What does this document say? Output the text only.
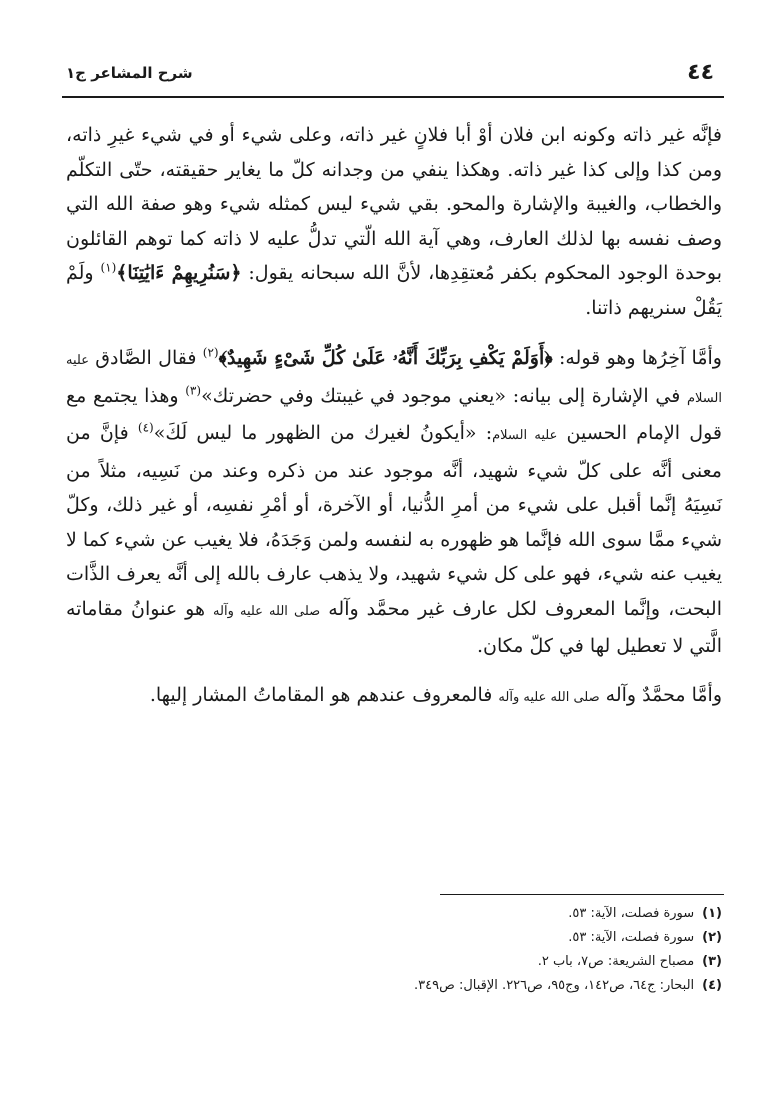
٤٤
شرح المشاعر ج١

فإنَّه غير ذاته وكونه ابن فلان أوْ أبا فلانٍ غير ذاته، وعلى شيء أو في شيء غيرِ ذاته، ومن كذا وإلى كذا غير ذاته. وهكذا ينفي من وجدانه كلّ ما يغاير حقيقته، حتّى التكلّم والخطاب، والغيبة والإشارة والمحو. بقي شيء ليس كمثله شيء وهو صفة الله التي وصف نفسه بها لذلك العارف، وهي آية الله الّتي تدلُّ عليه لا ذاته كما توهم القائلون بوحدة الوجود المحكوم بكفر مُعتقِدِها، لأنَّ الله سبحانه يقول: ﴿سَنُرِيهِمْ ءَايَٰتِنَا﴾$^{(١)}$ ولَمْ يَقُلْ سنريهم ذاتنا.

وأمَّا آخِرُها وهو قوله: ﴿أَوَلَمْ يَكْفِ بِرَبِّكَ أَنَّهُۥ عَلَىٰ كُلِّ شَىْءٍ شَهِيدٌ﴾$^{(٢)}$ فقال الصَّادق عليه السلام في الإشارة إلى بيانه: «يعني موجود في غيبتك وفي حضرتك»$^{(٣)}$ وهذا يجتمع مع قول الإمام الحسين عليه السلام: «أيكونُ لغيرك من الظهور ما ليس لَكَ»$^{(٤)}$ فإنَّ من معنى أنَّه على كلّ شيء شهيد، أنَّه موجود عند من ذكره وعند من نَسِيه، مثلاً من نَسِيَهُ إنَّما أقبل على شيء من أمرِ الدُّنيا، أو الآخرة، أو أمْرِ نفسِه، أو غير ذلك، وكلّ شيء ممَّا سوى الله فإنَّما هو ظهوره به لنفسه ولمن وَجَدَهُ، فلا يغيب عن شيء كما لا يغيب عنه شيء، فهو على كل شيء شهيد، ولا يذهب عارف بالله إلى أنَّه يعرف الذَّات البحت، وإنَّما المعروف لكل عارف غير محمَّد وآله صلى الله عليه وآله هو عنوانُ مقاماته الَّتي لا تعطيل لها في كلّ مكان.

وأمَّا محمَّدٌ وآله صلى الله عليه وآله فالمعروف عندهم هو المقاماتُ المشار إليها.

(١)سورة فصلت، الآية: ٥٣.
(٢)سورة فصلت، الآية: ٥٣.
(٣)مصباح الشريعة: ص٧، باب ٢.
(٤)البحار: ج٦٤، ص١٤٢، وج٩٥، ص٢٢٦. الإقبال: ص٣٤٩.
